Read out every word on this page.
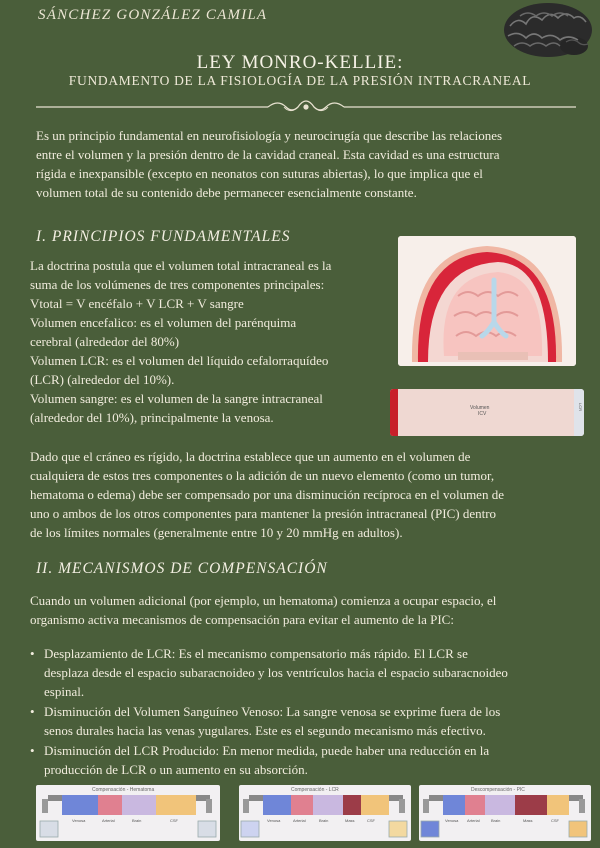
SÁNCHEZ GONZÁLEZ CAMILA
LEY MONRO-KELLIE:
FUNDAMENTO DE LA FISIOLOGÍA DE LA PRESIÓN INTRACRANEAL
Es un principio fundamental en neurofisiología y neurocirugía que describe las relaciones
entre el volumen y la presión dentro de la cavidad craneal. Esta cavidad es una estructura
rígida e inexpansible (excepto en neonatos con suturas abiertas), lo que implica que el
volumen total de su contenido debe permanecer esencialmente constante.
I. PRINCIPIOS FUNDAMENTALES
La doctrina postula que el volumen total intracraneal es la
suma de los volúmenes de tres componentes principales:
Vtotal = V encéfalo + V LCR + V sangre
Volumen encefalico: es el volumen del parénquima
cerebral (alrededor del 80%)
Volumen LCR: es el volumen del líquido cefalorraquídeo
(LCR) (alrededor del 10%).
Volumen sangre: es el volumen de la sangre intracraneal
(alrededor del 10%), principalmente la venosa.
Volumen
ICV
LCR
Dado que el cráneo es rígido, la doctrina establece que un aumento en el volumen de
cualquiera de estos tres componentes o la adición de un nuevo elemento (como un tumor,
hematoma o edema) debe ser compensado por una disminución recíproca en el volumen de
uno o ambos de los otros componentes para mantener la presión intracraneal (PIC) dentro
de los límites normales (generalmente entre 10 y 20 mmHg en adultos).
II. MECANISMOS DE COMPENSACIÓN
Cuando un volumen adicional (por ejemplo, un hematoma) comienza a ocupar espacio, el
organismo activa mecanismos de compensación para evitar el aumento de la PIC:
• Desplazamiento de LCR: Es el mecanismo compensatorio más rápido. El LCR se
desplaza desde el espacio subaracnoideo y los ventrículos hacia el espacio subaracnoideo
espinal.
• Disminución del Volumen Sanguíneo Venoso: La sangre venosa se exprime fuera de los
senos durales hacia las venas yugulares. Este es el segundo mecanismo más efectivo.
• Disminución del LCR Producido: En menor medida, puede haber una reducción en la
producción de LCR o un aumento en su absorción.
Compensación - Hematoma
Venosa	Arterial	Brain	CSF
Compensación - LCR
Venosa	Arterial	Brain	Mass	CSF
Descompensación - PIC
Venosa Arterial	Brain	Mass	CSF
